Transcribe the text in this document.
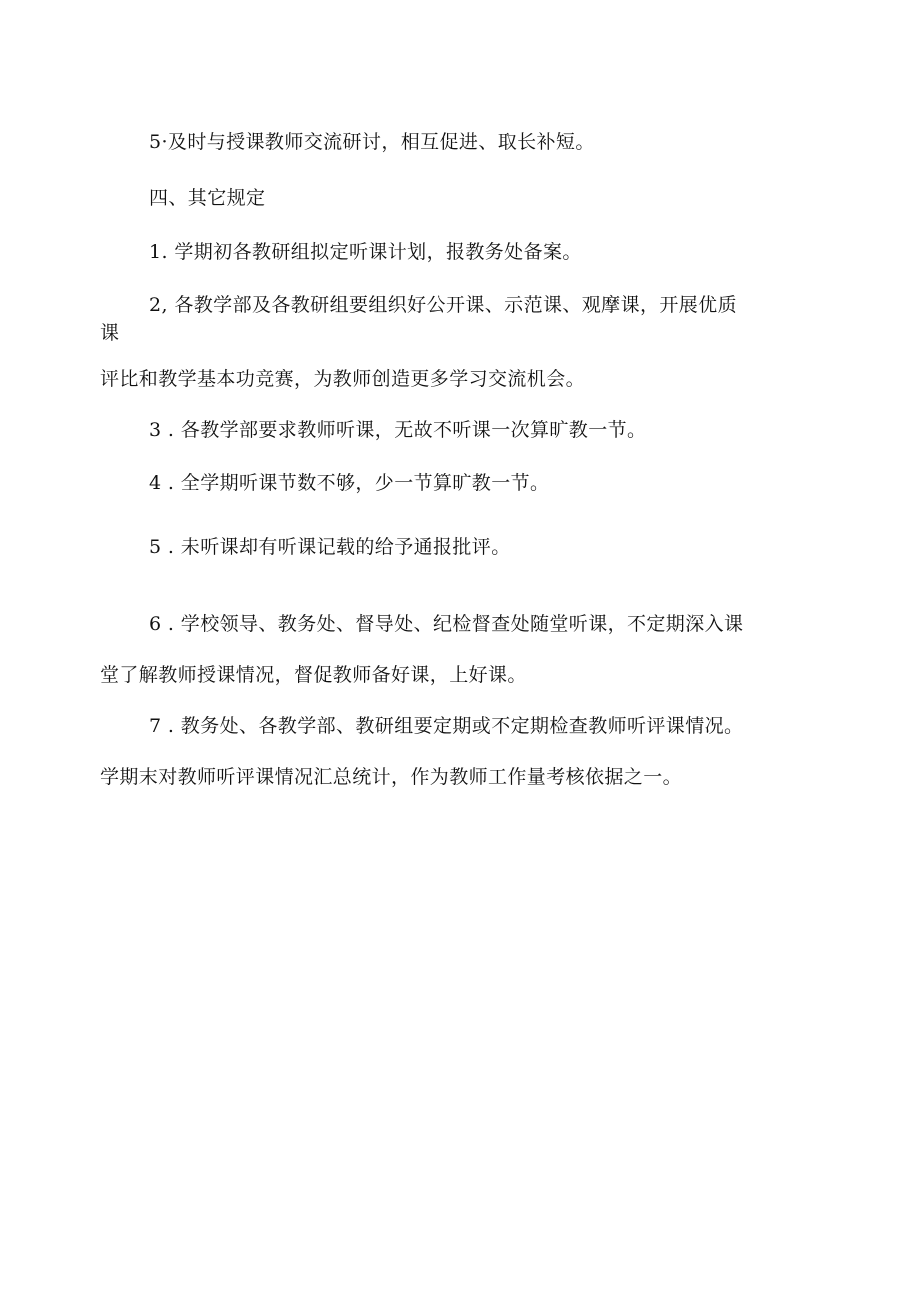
5·及时与授课教师交流研讨，相互促进、取长补短。
四、其它规定
1. 学期初各教研组拟定听课计划，报教务处备案。
2, 各教学部及各教研组要组织好公开课、示范课、观摩课，开展优质
课
评比和教学基本功竞赛，为教师创造更多学习交流机会。
3 . 各教学部要求教师听课，无故不听课一次算旷教一节。
4 . 全学期听课节数不够，少一节算旷教一节。
5 . 未听课却有听课记载的给予通报批评。
6 . 学校领导、教务处、督导处、纪检督查处随堂听课，不定期深入课
堂了解教师授课情况，督促教师备好课，上好课。
7 . 教务处、各教学部、教研组要定期或不定期检查教师听评课情况。
学期末对教师听评课情况汇总统计，作为教师工作量考核依据之一。
